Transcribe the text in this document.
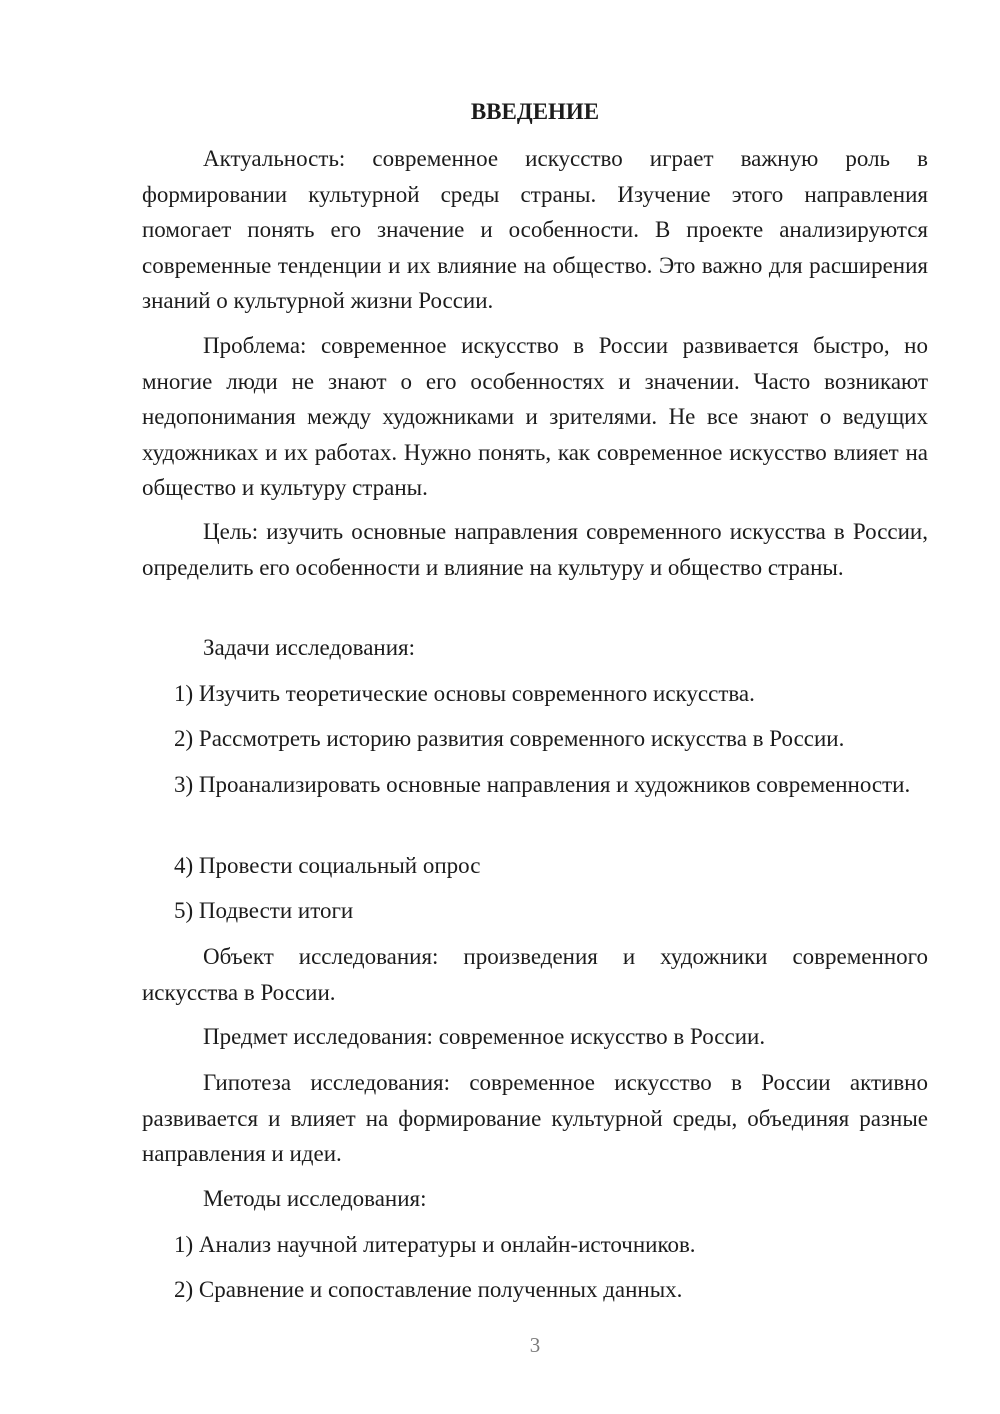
ВВЕДЕНИЕ

Актуальность: современное искусство играет важную роль в формировании культурной среды страны. Изучение этого направления помогает понять его значение и особенности. В проекте анализируются современные тенденции и их влияние на общество. Это важно для расширения знаний о культурной жизни России.

Проблема: современное искусство в России развивается быстро, но многие люди не знают о его особенностях и значении. Часто возникают недопонимания между художниками и зрителями. Не все знают о ведущих художниках и их работах. Нужно понять, как современное искусство влияет на общество и культуру страны.

Цель: изучить основные направления современного искусства в России, определить его особенности и влияние на культуру и общество страны.

Задачи исследования:

1) Изучить теоретические основы современного искусства.

2) Рассмотреть историю развития современного искусства в России.

3) Проанализировать основные направления и художников современности.

4) Провести социальный опрос

5) Подвести итоги

Объект исследования: произведения и художники современного искусства в России.

Предмет исследования: современное искусство в России.

Гипотеза исследования: современное искусство в России активно развивается и влияет на формирование культурной среды, объединяя разные направления и идеи.

Методы исследования:

1) Анализ научной литературы и онлайн-источников.

2) Сравнение и сопоставление полученных данных.

3
